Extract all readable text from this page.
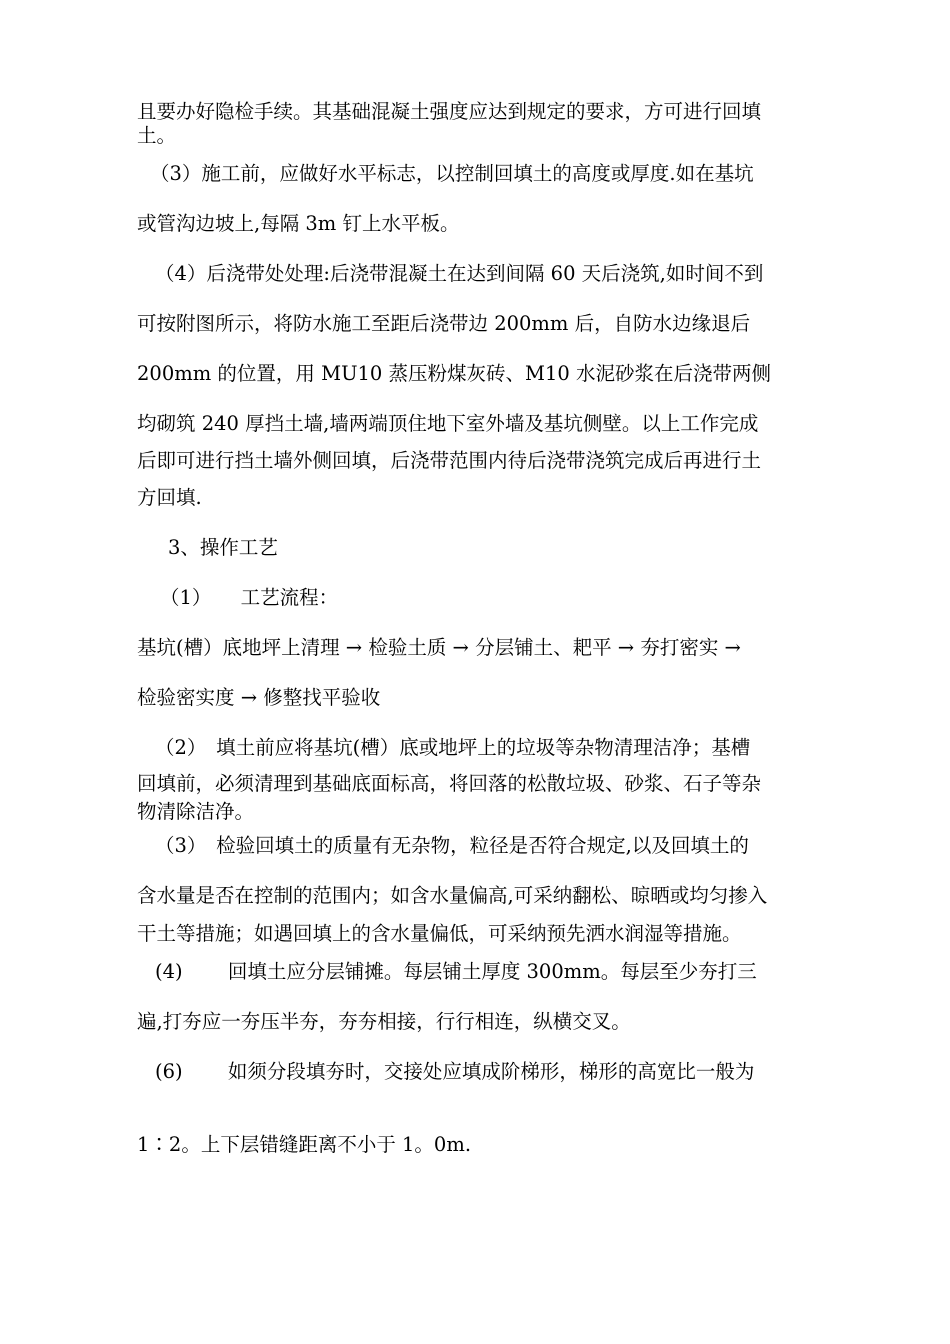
且要办好隐检手续。其基础混凝土强度应达到规定的要求，方可进行回填
土。
（3）施工前，应做好水平标志，以控制回填土的高度或厚度.如在基坑
或管沟边坡上,每隔 3m 钉上水平板。
（4）后浇带处处理:后浇带混凝土在达到间隔 60 天后浇筑,如时间不到
可按附图所示，将防水施工至距后浇带边 200mm 后，自防水边缘退后
200mm 的位置，用 MU10 蒸压粉煤灰砖、M10 水泥砂浆在后浇带两侧
均砌筑 240 厚挡土墙,墙两端顶住地下室外墙及基坑侧壁。以上工作完成
后即可进行挡土墙外侧回填，后浇带范围内待后浇带浇筑完成后再进行土
方回填.
3、操作工艺
（1）　　工艺流程：
基坑(槽）底地坪上清理 → 检验土质 → 分层铺土、耙平 → 夯打密实 →
检验密实度 → 修整找平验收
（2）　填土前应将基坑(槽）底或地坪上的垃圾等杂物清理洁净；基槽
回填前，必须清理到基础底面标高，将回落的松散垃圾、砂浆、石子等杂
物清除洁净。
（3）　检验回填土的质量有无杂物，粒径是否符合规定,以及回填土的
含水量是否在控制的范围内；如含水量偏高,可采纳翻松、晾晒或均匀掺入
干土等措施；如遇回填上的含水量偏低，可采纳预先洒水润湿等措施。
(4)　　 回填土应分层铺摊。每层铺土厚度 300mm。每层至少夯打三
遍,打夯应一夯压半夯，夯夯相接，行行相连，纵横交叉。
(6)　　 如须分段填夯时，交接处应填成阶梯形，梯形的高宽比一般为
1∶2。上下层错缝距离不小于 1。0m.
